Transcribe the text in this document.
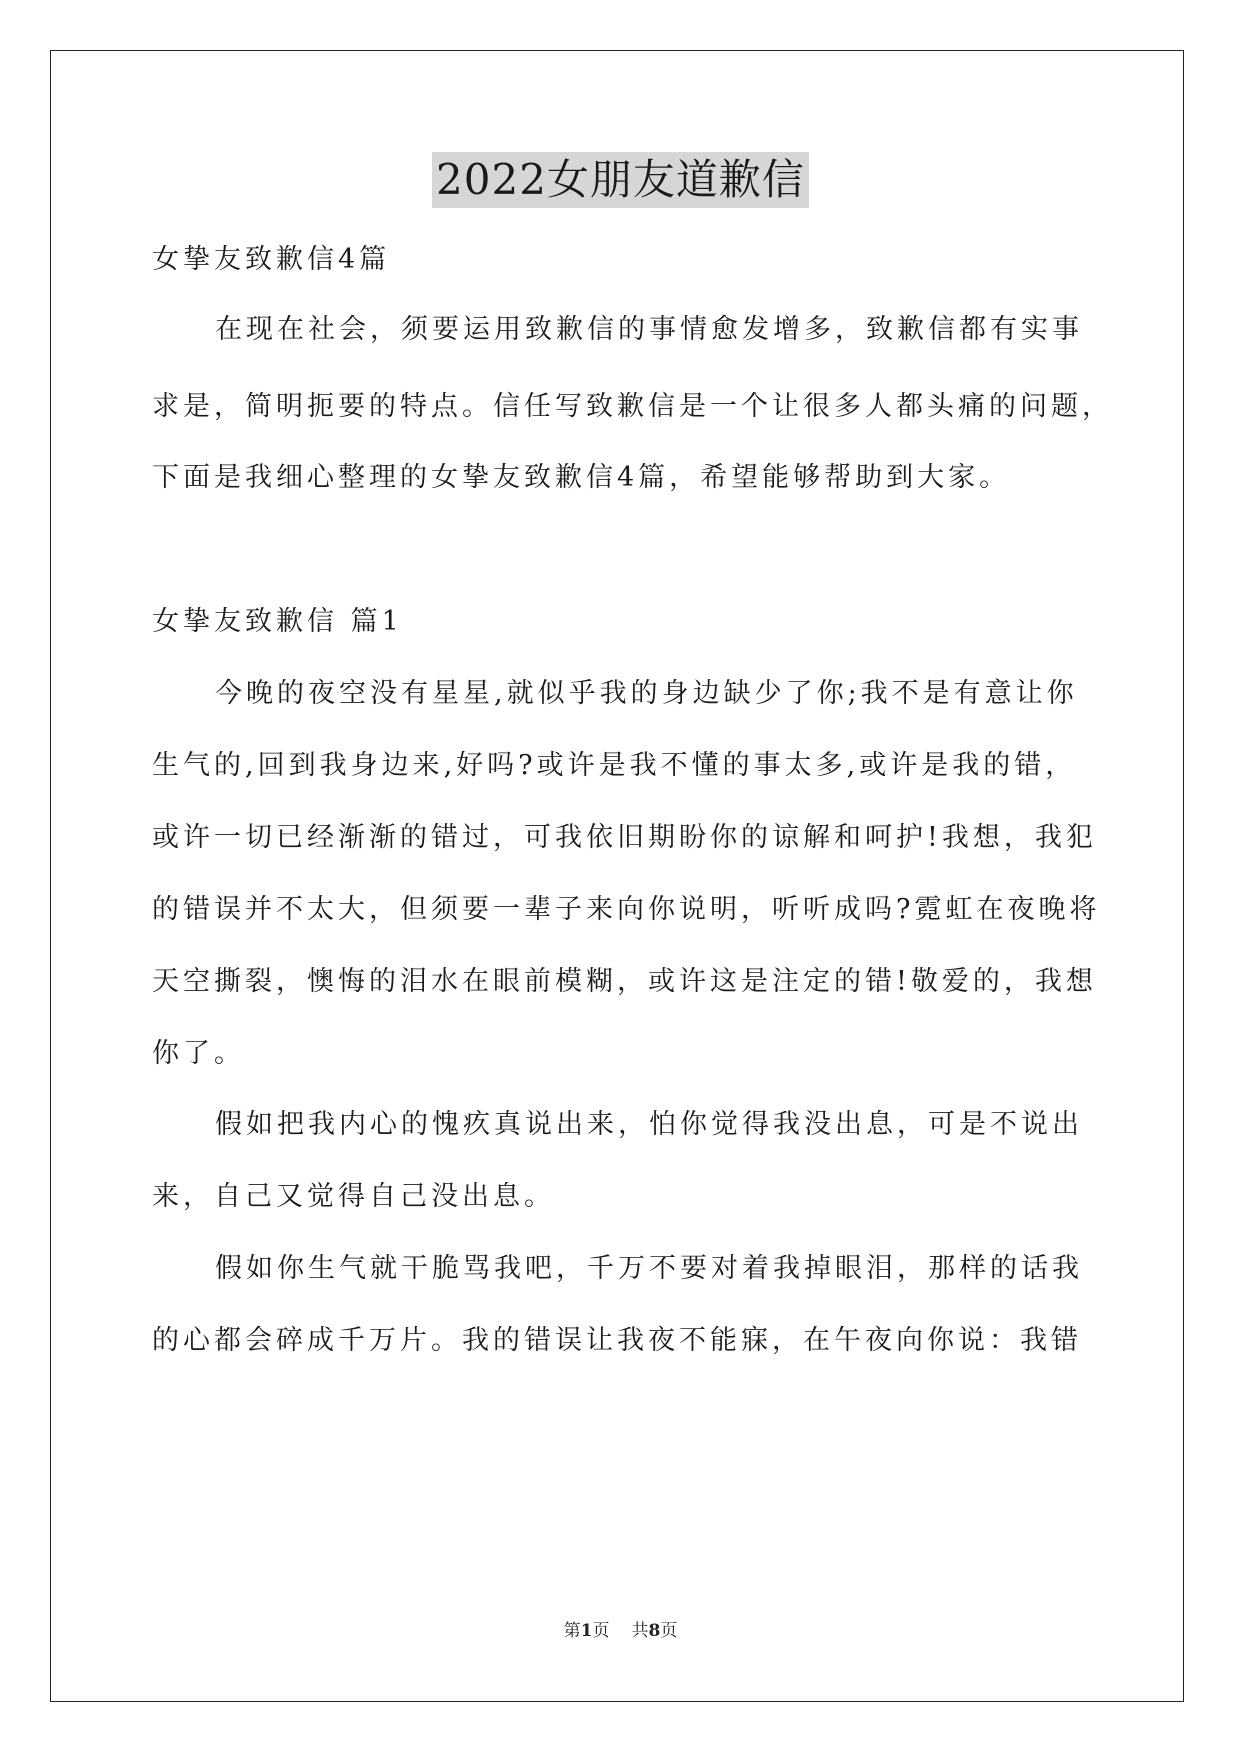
2022女朋友道歉信
女挚友致歉信4篇
在现在社会，须要运用致歉信的事情愈发增多，致歉信都有实事
求是，简明扼要的特点。信任写致歉信是一个让很多人都头痛的问题，
下面是我细心整理的女挚友致歉信4篇，希望能够帮助到大家。
女挚友致歉信 篇1
今晚的夜空没有星星,就似乎我的身边缺少了你;我不是有意让你
生气的,回到我身边来,好吗?或许是我不懂的事太多,或许是我的错，
或许一切已经渐渐的错过，可我依旧期盼你的谅解和呵护!我想，我犯
的错误并不太大，但须要一辈子来向你说明，听听成吗?霓虹在夜晚将
天空撕裂，懊悔的泪水在眼前模糊，或许这是注定的错!敬爱的，我想
你了。
假如把我内心的愧疚真说出来，怕你觉得我没出息，可是不说出
来，自己又觉得自己没出息。
假如你生气就干脆骂我吧，千万不要对着我掉眼泪，那样的话我
的心都会碎成千万片。我的错误让我夜不能寐，在午夜向你说：我错
第1页 共8页
